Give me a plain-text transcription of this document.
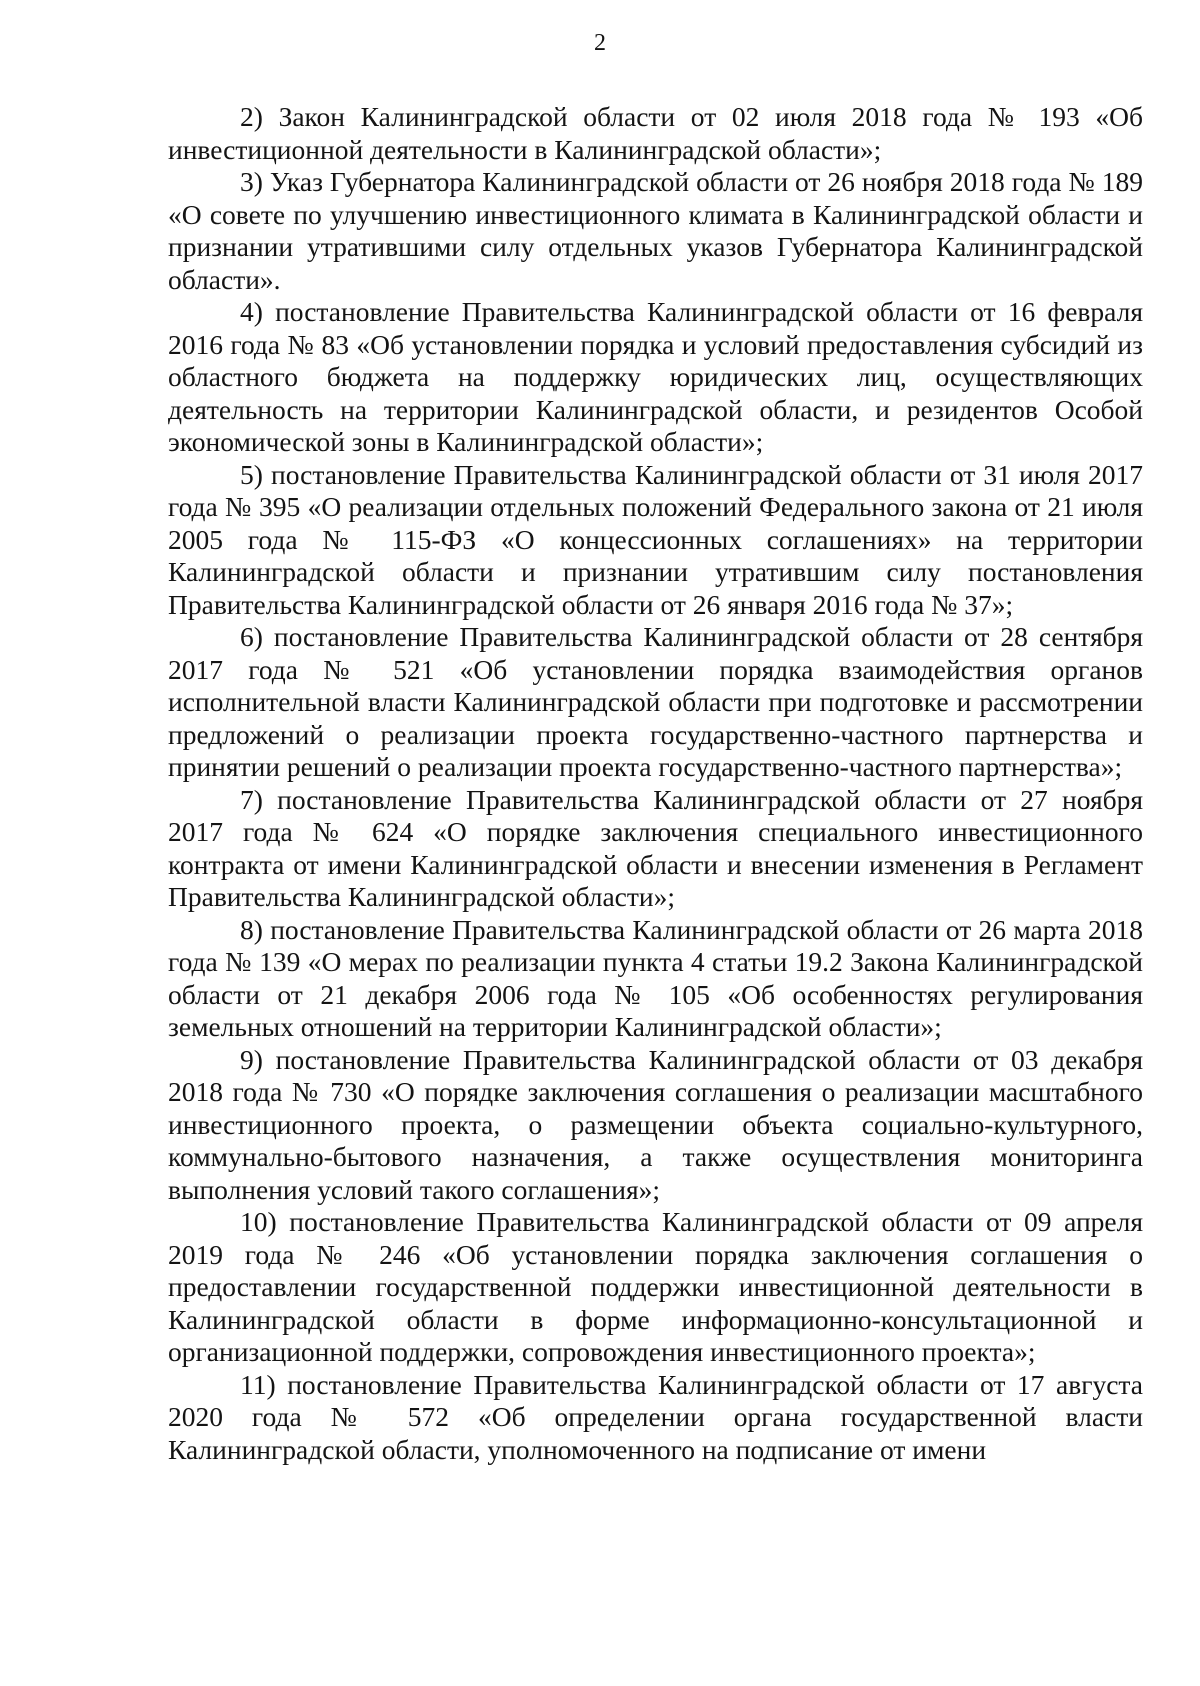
2

2) Закон Калининградской области от 02 июля 2018 года № 193 «Об инвестиционной деятельности в Калининградской области»;

3) Указ Губернатора Калининградской области от 26 ноября 2018 года № 189 «О совете по улучшению инвестиционного климата в Калининградской области и признании утратившими силу отдельных указов Губернатора Калининградской области».

4) постановление Правительства Калининградской области от 16 февраля 2016 года № 83 «Об установлении порядка и условий предоставления субсидий из областного бюджета на поддержку юридических лиц, осуществляющих деятельность на территории Калининградской области, и резидентов Особой экономической зоны в Калининградской области»;

5) постановление Правительства Калининградской области от 31 июля 2017 года № 395 «О реализации отдельных положений Федерального закона от 21 июля 2005 года № 115-ФЗ «О концессионных соглашениях» на территории Калининградской области и признании утратившим силу постановления Правительства Калининградской области от 26 января 2016 года № 37»;

6) постановление Правительства Калининградской области от 28 сентября 2017 года № 521 «Об установлении порядка взаимодействия органов исполнительной власти Калининградской области при подготовке и рассмотрении предложений о реализации проекта государственно-частного партнерства и принятии решений о реализации проекта государственно-частного партнерства»;

7) постановление Правительства Калининградской области от 27 ноября 2017 года № 624 «О порядке заключения специального инвестиционного контракта от имени Калининградской области и внесении изменения в Регламент Правительства Калининградской области»;

8) постановление Правительства Калининградской области от 26 марта 2018 года № 139 «О мерах по реализации пункта 4 статьи 19.2 Закона Калининградской области от 21 декабря 2006 года № 105 «Об особенностях регулирования земельных отношений на территории Калининградской области»;

9) постановление Правительства Калининградской области от 03 декабря 2018 года № 730 «О порядке заключения соглашения о реализации масштабного инвестиционного проекта, о размещении объекта социально-культурного, коммунально-бытового назначения, а также осуществления мониторинга выполнения условий такого соглашения»;

10) постановление Правительства Калининградской области от 09 апреля 2019 года № 246 «Об установлении порядка заключения соглашения о предоставлении государственной поддержки инвестиционной деятельности в Калининградской области в форме информационно-консультационной и организационной поддержки, сопровождения инвестиционного проекта»;

11) постановление Правительства Калининградской области от 17 августа 2020 года № 572 «Об определении органа государственной власти Калининградской области, уполномоченного на подписание от имени
